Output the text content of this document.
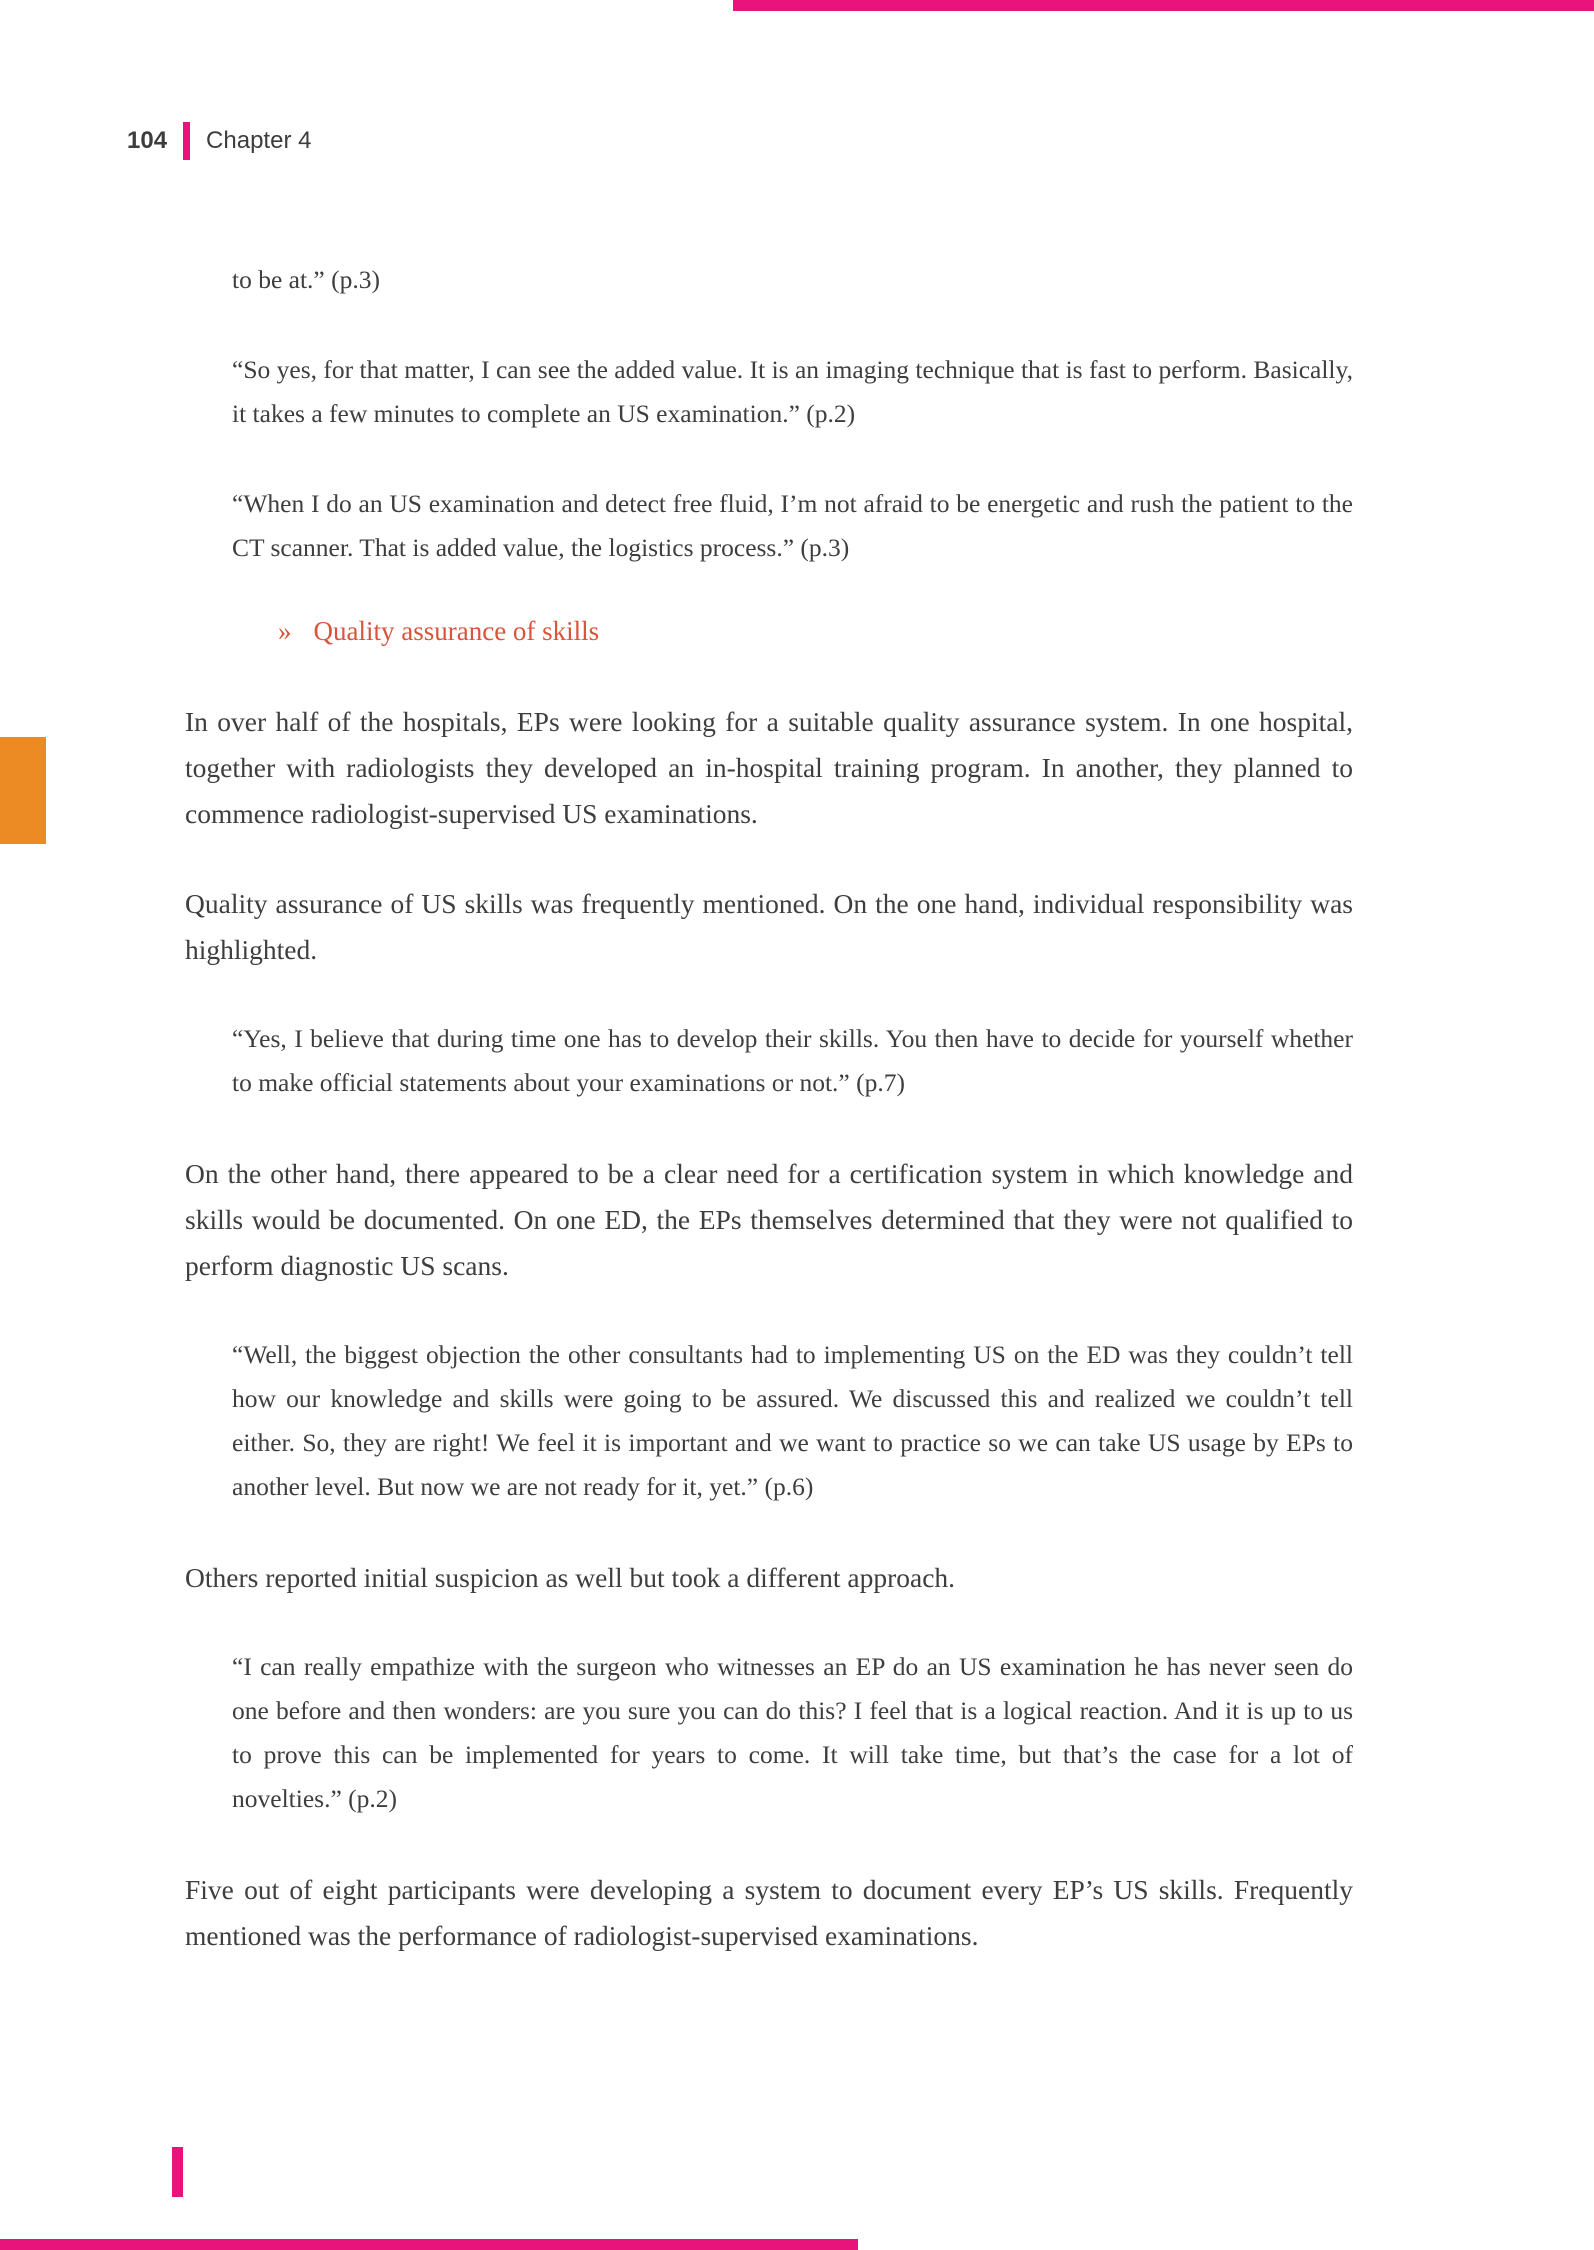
104 Chapter 4

to be at.” (p.3)

“So yes, for that matter, I can see the added value. It is an imaging technique that is fast to perform. Basically, it takes a few minutes to complete an US examination.” (p.2)

“When I do an US examination and detect free fluid, I’m not afraid to be energetic and rush the patient to the CT scanner. That is added value, the logistics process.” (p.3)

» Quality assurance of skills

In over half of the hospitals, EPs were looking for a suitable quality assurance system. In one hospital, together with radiologists they developed an in-hospital training program. In another, they planned to commence radiologist-supervised US examinations.

Quality assurance of US skills was frequently mentioned. On the one hand, individual responsibility was highlighted.

“Yes, I believe that during time one has to develop their skills. You then have to decide for yourself whether to make official statements about your examinations or not.” (p.7)

On the other hand, there appeared to be a clear need for a certification system in which knowledge and skills would be documented. On one ED, the EPs themselves determined that they were not qualified to perform diagnostic US scans.

“Well, the biggest objection the other consultants had to implementing US on the ED was they couldn’t tell how our knowledge and skills were going to be assured. We discussed this and realized we couldn’t tell either. So, they are right! We feel it is important and we want to practice so we can take US usage by EPs to another level. But now we are not ready for it, yet.” (p.6)

Others reported initial suspicion as well but took a different approach.

“I can really empathize with the surgeon who witnesses an EP do an US examination he has never seen do one before and then wonders: are you sure you can do this? I feel that is a logical reaction. And it is up to us to prove this can be implemented for years to come. It will take time, but that’s the case for a lot of novelties.” (p.2)

Five out of eight participants were developing a system to document every EP’s US skills. Frequently mentioned was the performance of radiologist-supervised examinations.
